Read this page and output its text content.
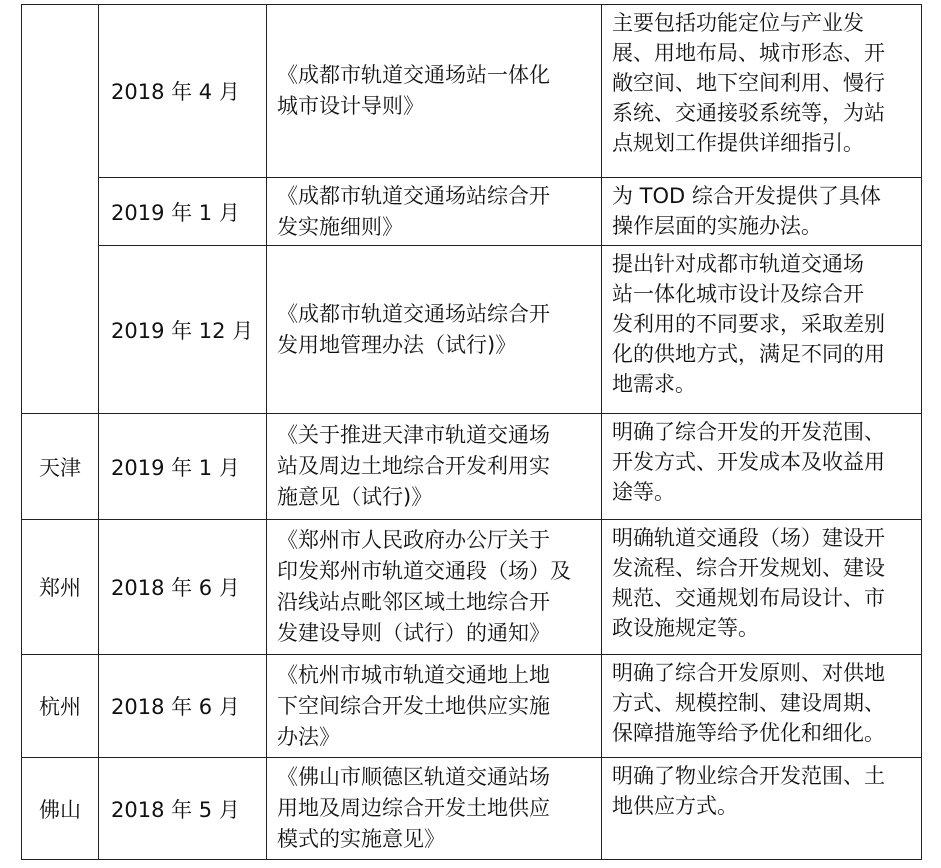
	2018 年 4 月	《成都市轨道交通场站一体化
城市设计导则》	主要包括功能定位与产业发
展、用地布局、城市形态、开
敞空间、地下空间利用、慢行
系统、交通接驳系统等，为站
点规划工作提供详细指引。

	2019 年 1 月	《成都市轨道交通场站综合开
发实施细则》	为 TOD 综合开发提供了具体
操作层面的实施办法。

	2019 年 12 月	《成都市轨道交通场站综合开
发用地管理办法（试行)》	提出针对成都市轨道交通场
站一体化城市设计及综合开
发利用的不同要求，采取差别
化的供地方式，满足不同的用
地需求。

天津	2019 年 1 月	《关于推进天津市轨道交通场
站及周边土地综合开发利用实
施意见（试行)》	明确了综合开发的开发范围、
开发方式、开发成本及收益用
途等。

郑州	2018 年 6 月	《郑州市人民政府办公厅关于
印发郑州市轨道交通段（场）及
沿线站点毗邻区域土地综合开
发建设导则（试行）的通知》	明确轨道交通段（场）建设开
发流程、综合开发规划、建设
规范、交通规划布局设计、市
政设施规定等。

杭州	2018 年 6 月	《杭州市城市轨道交通地上地
下空间综合开发土地供应实施
办法》	明确了综合开发原则、对供地
方式、规模控制、建设周期、
保障措施等给予优化和细化。

佛山	2018 年 5 月	《佛山市顺德区轨道交通站场
用地及周边综合开发土地供应
模式的实施意见》	明确了物业综合开发范围、土
地供应方式。
